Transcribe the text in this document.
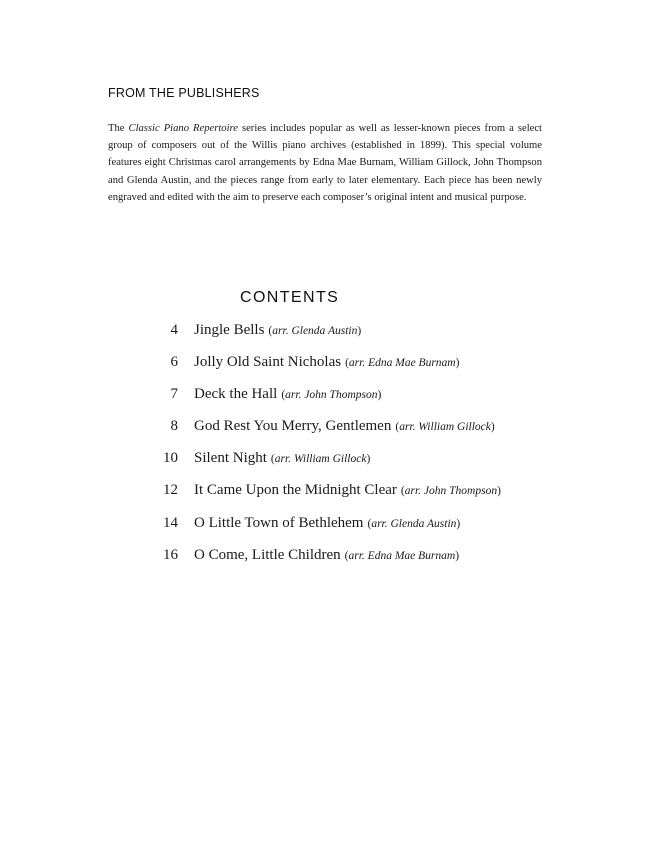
FROM THE PUBLISHERS

The Classic Piano Repertoire series includes popular as well as lesser-known pieces from a select group of composers out of the Willis piano archives (established in 1899). This special volume features eight Christmas carol arrangements by Edna Mae Burnam, William Gillock, John Thompson and Glenda Austin, and the pieces range from early to later elementary. Each piece has been newly engraved and edited with the aim to preserve each composer’s original intent and musical purpose.

CONTENTS
4 Jingle Bells (arr. Glenda Austin)
6 Jolly Old Saint Nicholas (arr. Edna Mae Burnam)
7 Deck the Hall (arr. John Thompson)
8 God Rest You Merry, Gentlemen (arr. William Gillock)
10 Silent Night (arr. William Gillock)
12 It Came Upon the Midnight Clear (arr. John Thompson)
14 O Little Town of Bethlehem (arr. Glenda Austin)
16 O Come, Little Children (arr. Edna Mae Burnam)
